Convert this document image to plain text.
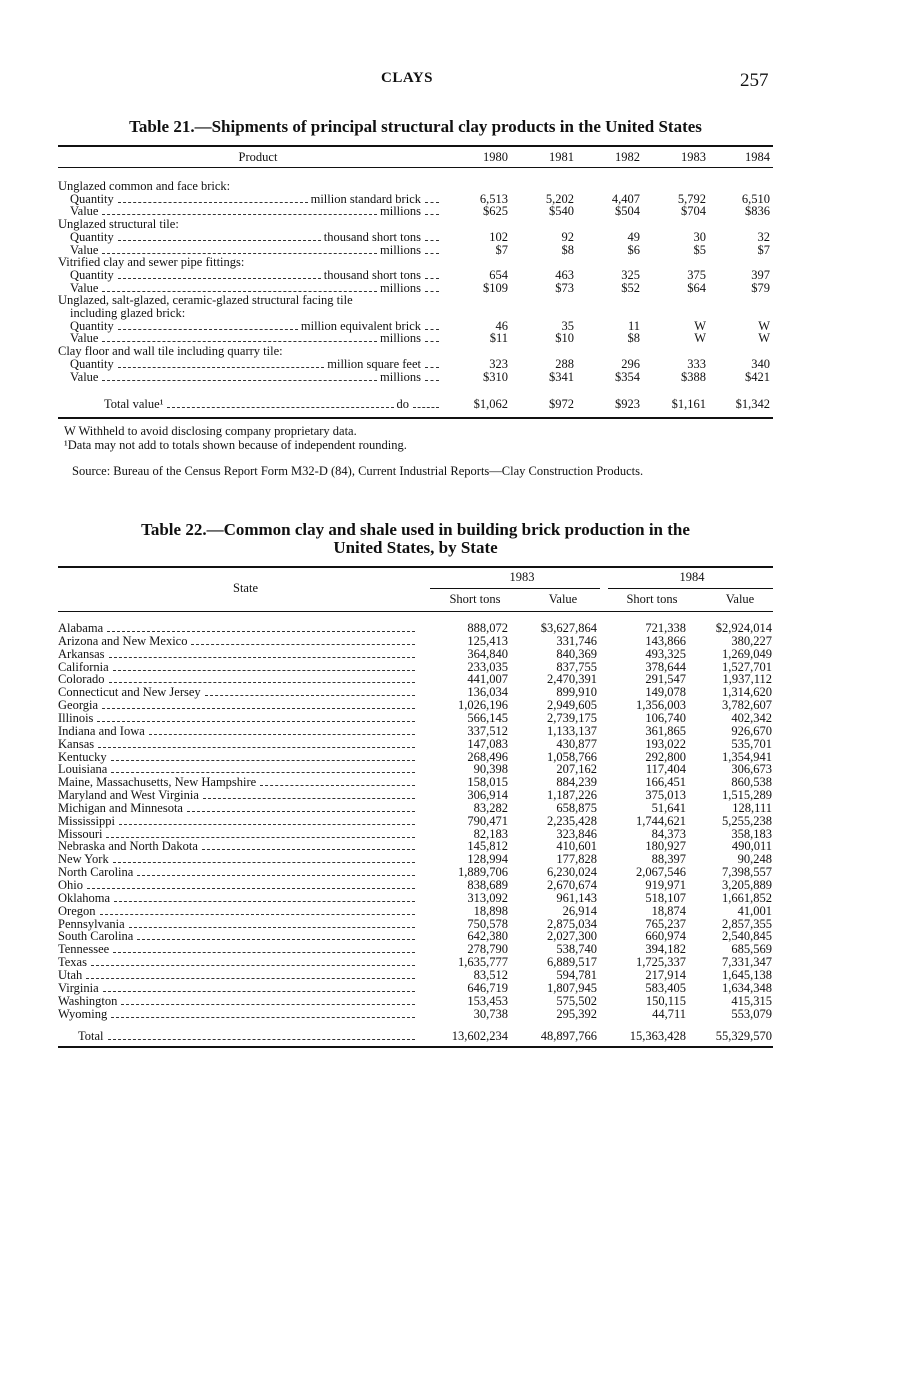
CLAYS	257
Table 21.—Shipments of principal structural clay products in the United States
Product	1980	1981	1982	1983	1984
Unglazed common and face brick:
Quantity	million standard brick	6,513	5,202	4,407	5,792	6,510
Value	millions	$625	$540	$504	$704	$836
Unglazed structural tile:
Quantity	thousand short tons	102	92	49	30	32
Value	millions	$7	$8	$6	$5	$7
Vitrified clay and sewer pipe fittings:
Quantity	thousand short tons	654	463	325	375	397
Value	millions	$109	$73	$52	$64	$79
Unglazed, salt-glazed, ceramic-glazed structural facing tile
including glazed brick:
Quantity	million equivalent brick	46	35	11	W	W
Value	millions	$11	$10	$8	W	W
Clay floor and wall tile including quarry tile:
Quantity	million square feet	323	288	296	333	340
Value	millions	$310	$341	$354	$388	$421
Total value¹	do	$1,062	$972	$923	$1,161	$1,342
W Withheld to avoid disclosing company proprietary data.
¹Data may not add to totals shown because of independent rounding.
Source: Bureau of the Census Report Form M32-D (84), Current Industrial Reports—Clay Construction Products.
Table 22.—Common clay and shale used in building brick production in the
United States, by State
State
1983	1984
Short tons	Value	Short tons	Value
Alabama	888,072	$3,627,864	721,338	$2,924,014
Arizona and New Mexico	125,413	331,746	143,866	380,227
Arkansas	364,840	840,369	493,325	1,269,049
California	233,035	837,755	378,644	1,527,701
Colorado	441,007	2,470,391	291,547	1,937,112
Connecticut and New Jersey	136,034	899,910	149,078	1,314,620
Georgia	1,026,196	2,949,605	1,356,003	3,782,607
Illinois	566,145	2,739,175	106,740	402,342
Indiana and Iowa	337,512	1,133,137	361,865	926,670
Kansas	147,083	430,877	193,022	535,701
Kentucky	268,496	1,058,766	292,800	1,354,941
Louisiana	90,398	207,162	117,404	306,673
Maine, Massachusetts, New Hampshire	158,015	884,239	166,451	860,538
Maryland and West Virginia	306,914	1,187,226	375,013	1,515,289
Michigan and Minnesota	83,282	658,875	51,641	128,111
Mississippi	790,471	2,235,428	1,744,621	5,255,238
Missouri	82,183	323,846	84,373	358,183
Nebraska and North Dakota	145,812	410,601	180,927	490,011
New York	128,994	177,828	88,397	90,248
North Carolina	1,889,706	6,230,024	2,067,546	7,398,557
Ohio	838,689	2,670,674	919,971	3,205,889
Oklahoma	313,092	961,143	518,107	1,661,852
Oregon	18,898	26,914	18,874	41,001
Pennsylvania	750,578	2,875,034	765,237	2,857,355
South Carolina	642,380	2,027,300	660,974	2,540,845
Tennessee	278,790	538,740	394,182	685,569
Texas	1,635,777	6,889,517	1,725,337	7,331,347
Utah	83,512	594,781	217,914	1,645,138
Virginia	646,719	1,807,945	583,405	1,634,348
Washington	153,453	575,502	150,115	415,315
Wyoming	30,738	295,392	44,711	553,079
Total	13,602,234	48,897,766	15,363,428	55,329,570
